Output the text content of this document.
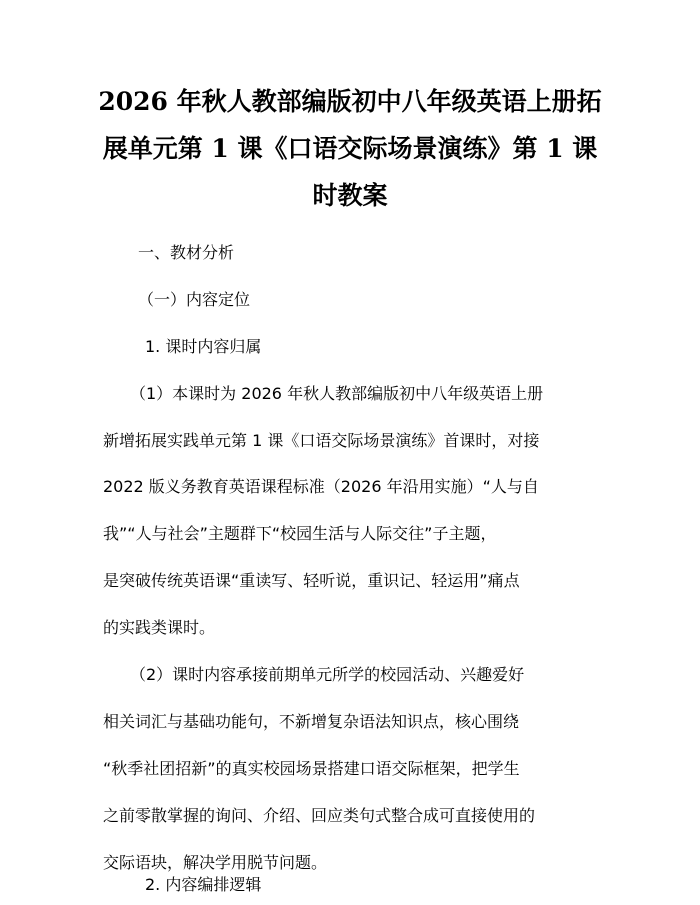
2026 年秋人教部编版初中八年级英语上册拓
展单元第 1 课《口语交际场景演练》第 1 课
时教案
一、教材分析
（一）内容定位
1. 课时内容归属
（1）本课时为 2026 年秋人教部编版初中八年级英语上册
新增拓展实践单元第 1 课《口语交际场景演练》首课时，对接
2022 版义务教育英语课程标准（2026 年沿用实施）“人与自
我”“人与社会”主题群下“校园生活与人际交往”子主题，
是突破传统英语课“重读写、轻听说，重识记、轻运用”痛点
的实践类课时。
（2）课时内容承接前期单元所学的校园活动、兴趣爱好
相关词汇与基础功能句，不新增复杂语法知识点，核心围绕
“秋季社团招新”的真实校园场景搭建口语交际框架，把学生
之前零散掌握的询问、介绍、回应类句式整合成可直接使用的
交际语块，解决学用脱节问题。
2. 内容编排逻辑
